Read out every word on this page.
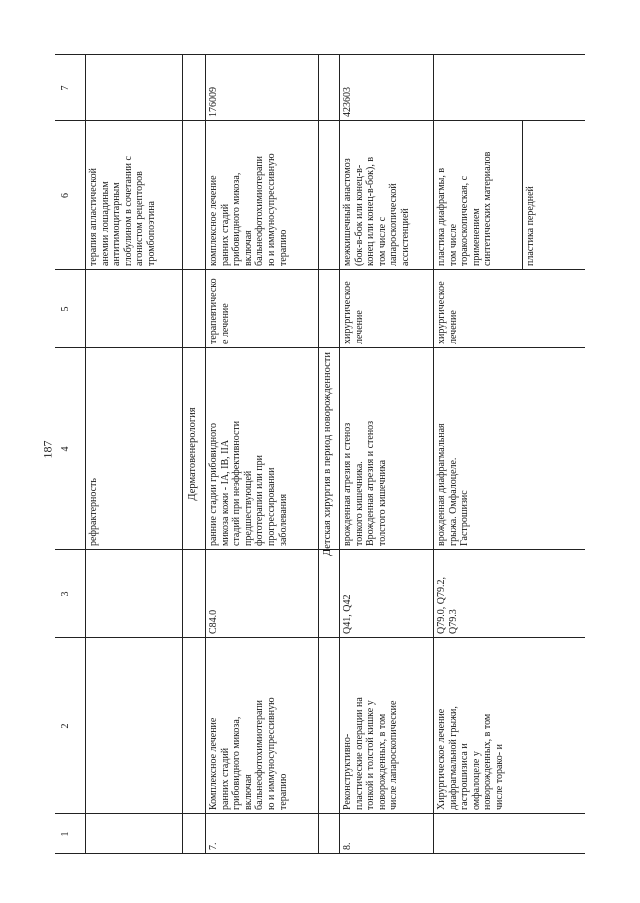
187
1
2
3
4
5
6
7
рефрактерность
терапия апластической
анемии лошадиным
антитимоцитарным
глобулином в сочетании с
агонистом рецепторов
тромбопоэтина
Дерматовенерология
7.
Комплексное лечение
ранних стадий
грибовидного микоза,
включая
бальнеофотохимиотерапи
ю и иммуносупрессивную
терапию
С84.0
ранние стадии грибовидного
микоза кожи - IA, IB, IIA
стадий при неэффективности
предшествующей
фототерапии или при
прогрессировании
заболевания
терапевтическо
е лечение
комплексное лечение
ранних стадий
грибовидного микоза,
включая
бальнеофотохимиотерапи
ю и иммуносупрессивную
терапию
176009
Детская хирургия в период новорожденности
8.
Реконструктивно-
пластические операции на
тонкой и толстой кишке у
новорожденных, в том
числе лапароскопические
Q41, Q42
врожденная атрезия и стеноз
тонкого кишечника.
Врожденная атрезия и стеноз
толстого кишечника
хирургическое
лечение
межкишечный анастомоз
(бок-в-бок или конец-в-
конец или конец-в-бок), в
том числе с
лапароскопической
ассистенцией
423603
Хирургическое лечение
диафрагмальной грыжи,
гастрошизиса и
омфалоцеле у
новорожденных, в том
числе торако- и
Q79.0, Q79.2, Q79.3
врожденная диафрагмальная
грыжа. Омфалоцеле.
Гастрошизис
хирургическое
лечение
пластика диафрагмы, в
том числе
торакоскопическая, с
применением
синтетических материалов
пластика передней
